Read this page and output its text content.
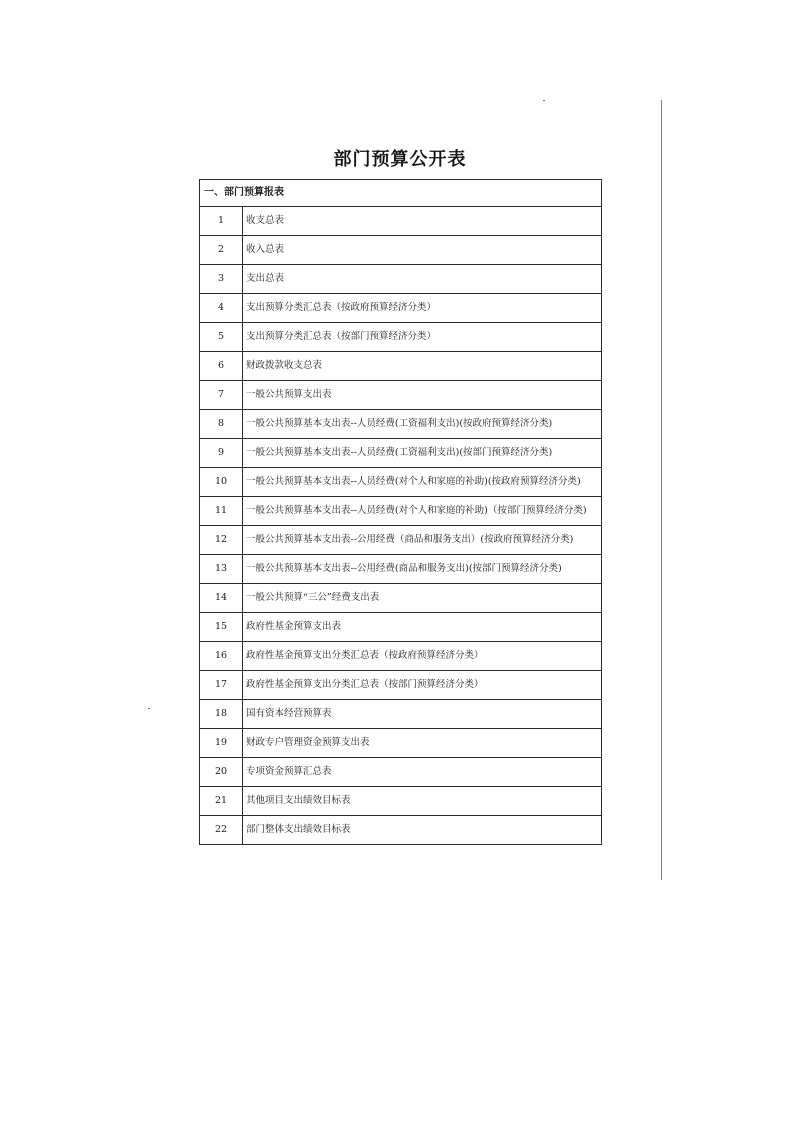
部门预算公开表
一、部门预算报表	
1	收支总表
2	收入总表
3	支出总表
4	支出预算分类汇总表（按政府预算经济分类）
5	支出预算分类汇总表（按部门预算经济分类）
6	财政拨款收支总表
7	一般公共预算支出表
8	一般公共预算基本支出表--人员经费(工资福利支出)(按政府预算经济分类)
9	一般公共预算基本支出表--人员经费(工资福利支出)(按部门预算经济分类)
10	一般公共预算基本支出表--人员经费(对个人和家庭的补助)(按政府预算经济分类)
11	一般公共预算基本支出表--人员经费(对个人和家庭的补助)（按部门预算经济分类)
12	一般公共预算基本支出表--公用经费（商品和服务支出）(按政府预算经济分类)
13	一般公共预算基本支出表--公用经费(商品和服务支出)(按部门预算经济分类)
14	一般公共预算“三公”经费支出表
15	政府性基金预算支出表
16	政府性基金预算支出分类汇总表（按政府预算经济分类）
17	政府性基金预算支出分类汇总表（按部门预算经济分类）
18	国有资本经营预算表
19	财政专户管理资金预算支出表
20	专项资金预算汇总表
21	其他项目支出绩效目标表
22	部门整体支出绩效目标表
